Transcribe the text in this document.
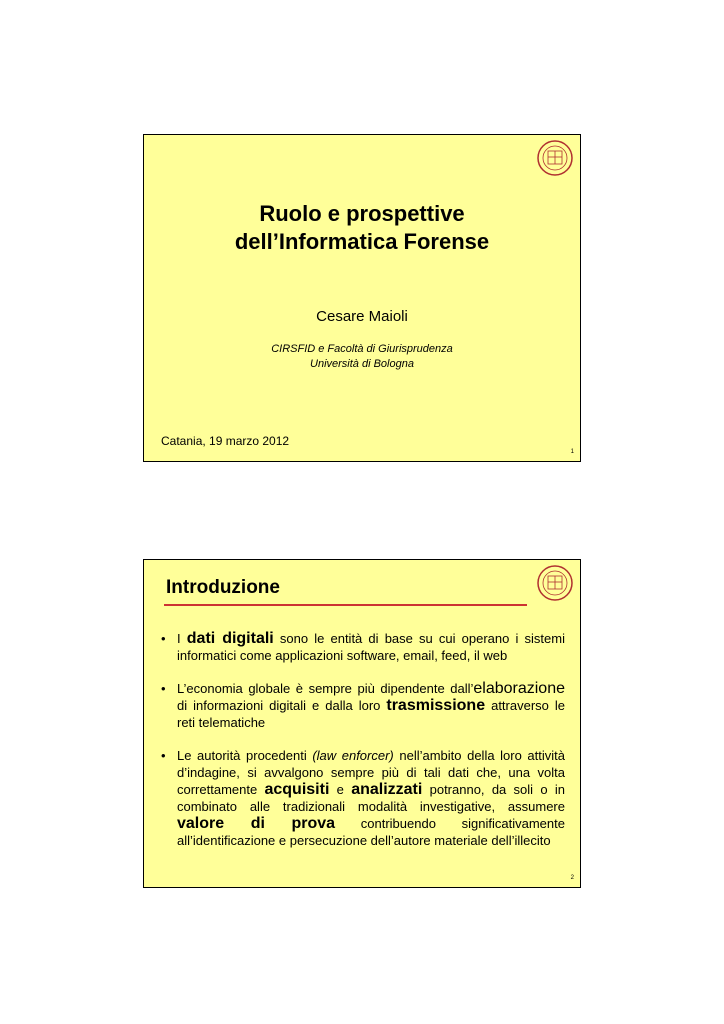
Ruolo e prospettive
dell’Informatica Forense
Cesare Maioli
CIRSFID e Facoltà di Giurisprudenza
Università di Bologna
Catania, 19 marzo 2012
1
Introduzione
• I dati digitali sono le entità di base su cui operano i sistemi informatici come applicazioni software, email, feed, il web
• L’economia globale è sempre più dipendente dall’elaborazione di informazioni digitali e dalla loro trasmissione attraverso le reti telematiche
• Le autorità procedenti (law enforcer) nell’ambito della loro attività d’indagine, si avvalgono sempre più di tali dati che, una volta correttamente acquisiti e analizzati potranno, da soli o in combinato alle tradizionali modalità investigative, assumere valore di prova contribuendo significativamente all’identificazione e persecuzione dell’autore materiale dell’illecito
2
